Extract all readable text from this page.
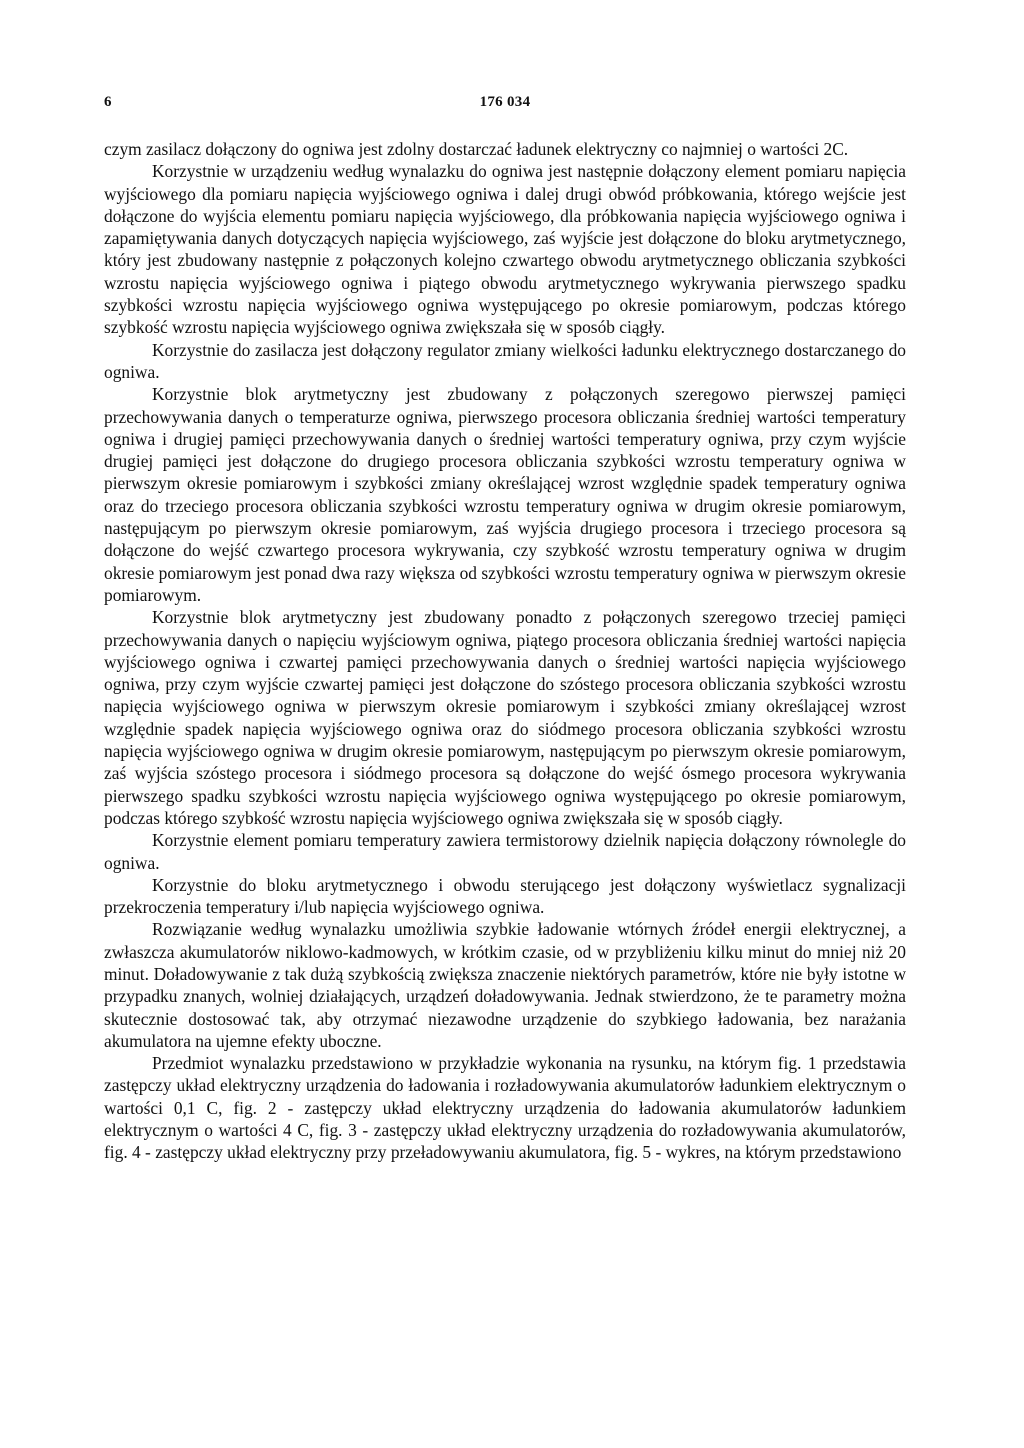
6	176 034

czym zasilacz dołączony do ogniwa jest zdolny dostarczać ładunek elektryczny co najmniej o wartości 2C.

Korzystnie w urządzeniu według wynalazku do ogniwa jest następnie dołączony element pomiaru napięcia wyjściowego dla pomiaru napięcia wyjściowego ogniwa i dalej drugi obwód próbkowania, którego wejście jest dołączone do wyjścia elementu pomiaru napięcia wyjściowego, dla próbkowania napięcia wyjściowego ogniwa i zapamiętywania danych dotyczących napięcia wyjściowego, zaś wyjście jest dołączone do bloku arytmetycznego, który jest zbudowany następnie z połączonych kolejno czwartego obwodu arytmetycznego obliczania szybkości wzrostu napięcia wyjściowego ogniwa i piątego obwodu arytmetycznego wykrywania pierwszego spadku szybkości wzrostu napięcia wyjściowego ogniwa występującego po okresie pomiarowym, podczas którego szybkość wzrostu napięcia wyjściowego ogniwa zwiększała się w sposób ciągły.

Korzystnie do zasilacza jest dołączony regulator zmiany wielkości ładunku elektrycznego dostarczanego do ogniwa.

Korzystnie blok arytmetyczny jest zbudowany z połączonych szeregowo pierwszej pamięci przechowywania danych o temperaturze ogniwa, pierwszego procesora obliczania średniej wartości temperatury ogniwa i drugiej pamięci przechowywania danych o średniej wartości temperatury ogniwa, przy czym wyjście drugiej pamięci jest dołączone do drugiego procesora obliczania szybkości wzrostu temperatury ogniwa w pierwszym okresie pomiarowym i szybkości zmiany określającej wzrost względnie spadek temperatury ogniwa oraz do trzeciego procesora obliczania szybkości wzrostu temperatury ogniwa w drugim okresie pomiarowym, następującym po pierwszym okresie pomiarowym, zaś wyjścia drugiego procesora i trzeciego procesora są dołączone do wejść czwartego procesora wykrywania, czy szybkość wzrostu temperatury ogniwa w drugim okresie pomiarowym jest ponad dwa razy większa od szybkości wzrostu temperatury ogniwa w pierwszym okresie pomiarowym.

Korzystnie blok arytmetyczny jest zbudowany ponadto z połączonych szeregowo trzeciej pamięci przechowywania danych o napięciu wyjściowym ogniwa, piątego procesora obliczania średniej wartości napięcia wyjściowego ogniwa i czwartej pamięci przechowywania danych o średniej wartości napięcia wyjściowego ogniwa, przy czym wyjście czwartej pamięci jest dołączone do szóstego procesora obliczania szybkości wzrostu napięcia wyjściowego ogniwa w pierwszym okresie pomiarowym i szybkości zmiany określającej wzrost względnie spadek napięcia wyjściowego ogniwa oraz do siódmego procesora obliczania szybkości wzrostu napięcia wyjściowego ogniwa w drugim okresie pomiarowym, następującym po pierwszym okresie pomiarowym, zaś wyjścia szóstego procesora i siódmego procesora są dołączone do wejść ósmego procesora wykrywania pierwszego spadku szybkości wzrostu napięcia wyjściowego ogniwa występującego po okresie pomiarowym, podczas którego szybkość wzrostu napięcia wyjściowego ogniwa zwiększała się w sposób ciągły.

Korzystnie element pomiaru temperatury zawiera termistorowy dzielnik napięcia dołączony równolegle do ogniwa.

Korzystnie do bloku arytmetycznego i obwodu sterującego jest dołączony wyświetlacz sygnalizacji przekroczenia temperatury i/lub napięcia wyjściowego ogniwa.

Rozwiązanie według wynalazku umożliwia szybkie ładowanie wtórnych źródeł energii elektrycznej, a zwłaszcza akumulatorów niklowo-kadmowych, w krótkim czasie, od w przybliżeniu kilku minut do mniej niż 20 minut. Doładowywanie z tak dużą szybkością zwiększa znaczenie niektórych parametrów, które nie były istotne w przypadku znanych, wolniej działających, urządzeń doładowywania. Jednak stwierdzono, że te parametry można skutecznie dostosować tak, aby otrzymać niezawodne urządzenie do szybkiego ładowania, bez narażania akumulatora na ujemne efekty uboczne.

Przedmiot wynalazku przedstawiono w przykładzie wykonania na rysunku, na którym fig. 1 przedstawia zastępczy układ elektryczny urządzenia do ładowania i rozładowywania akumulatorów ładunkiem elektrycznym o wartości 0,1 C, fig. 2 - zastępczy układ elektryczny urządzenia do ładowania akumulatorów ładunkiem elektrycznym o wartości 4 C, fig. 3 - zastępczy układ elektryczny urządzenia do rozładowywania akumulatorów, fig. 4 - zastępczy układ elektryczny przy przeładowywaniu akumulatora, fig. 5 - wykres, na którym przedstawiono
